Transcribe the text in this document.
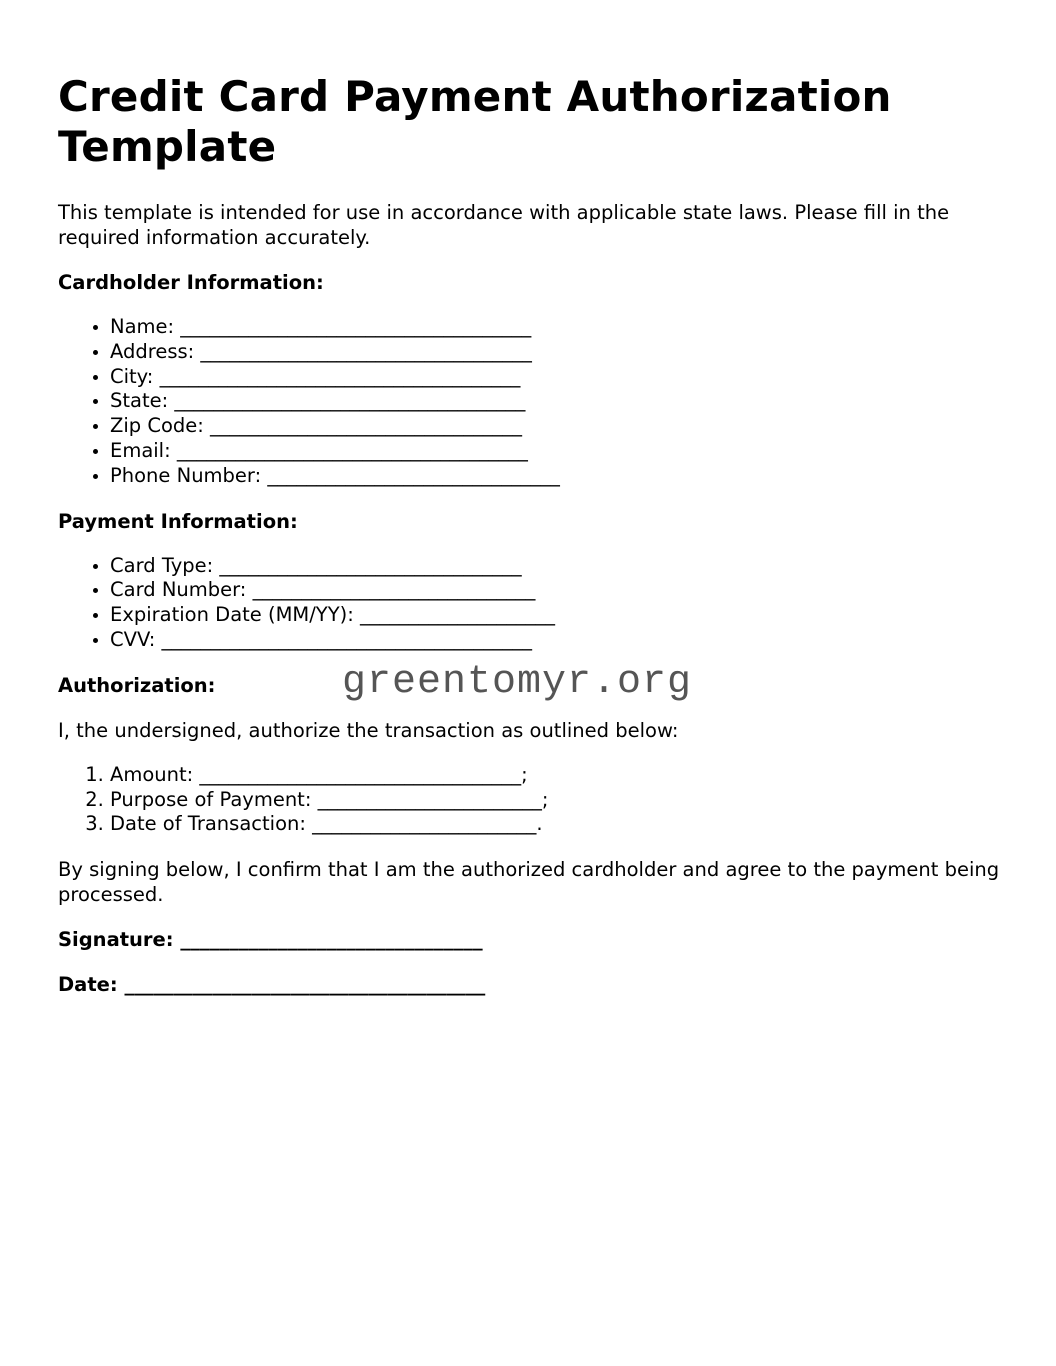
Credit Card Payment Authorization Template

This template is intended for use in accordance with applicable state laws. Please fill in the required information accurately.

Cardholder Information:
• Name: ____________________________________
• Address: __________________________________
• City: _____________________________________
• State: ____________________________________
• Zip Code: ________________________________
• Email: ____________________________________
• Phone Number: ______________________________
Payment Information:
• Card Type: _______________________________
• Card Number: _____________________________
• Expiration Date (MM/YY): ____________________
• CVV: ______________________________________
Authorization:	greentomyr.org

I, the undersigned, authorize the transaction as outlined below:

1. Amount: _________________________________;
2. Purpose of Payment: _______________________;
3. Date of Transaction: _______________________.

By signing below, I confirm that I am the authorized cardholder and agree to the payment being processed.

Signature: _______________________________
Date: _____________________________________
